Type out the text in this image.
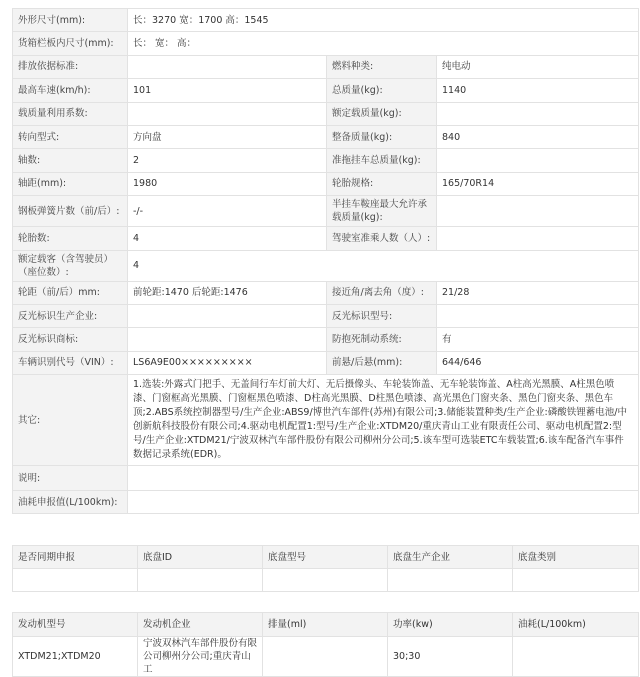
外形尺寸(mm):	长：3270 宽：1700 高：1545		
货箱栏板内尺寸(mm):	长： 宽： 高：		
排放依据标准:		燃料种类:	纯电动
最高车速(km/h):	101	总质量(kg):	1140
载质量利用系数:		额定载质量(kg):	
转向型式:	方向盘	整备质量(kg):	840
轴数:	2	准拖挂车总质量(kg):	
轴距(mm):	1980	轮胎规格:	165/70R14
钢板弹簧片数（前/后）:	-/-	半挂车鞍座最大允许承载质量(kg):	
轮胎数:	4	驾驶室准乘人数（人）:	
额定载客（含驾驶员）（座位数）:	4		
轮距（前/后）mm:	前轮距:1470 后轮距:1476	接近角/离去角（度）:	21/28
反光标识生产企业:		反光标识型号:	
反光标识商标:		防抱死制动系统:	有
车辆识别代号（VIN）:	LS6A9E00×××××××××	前悬/后悬(mm):	644/646
其它:	1.选装:外露式门把手、无盖间行车灯前大灯、无后摄像头、车轮装饰盖、无车轮装饰盖、A柱高光黑膜、A柱黑色喷漆、门窗框高光黑膜、门窗框黑色喷漆、D柱高光黑膜、D柱黑色喷漆、高光黑色门窗夹条、黑色门窗夹条、黑色车顶;2.ABS系统控制器型号/生产企业:ABS9/博世汽车部件(苏州)有限公司;3.储能装置种类/生产企业:磷酸铁锂蓄电池/中创新航科技股份有限公司;4.驱动电机配置1:型号/生产企业:XTDM20/重庆青山工业有限责任公司、驱动电机配置2:型号/生产企业:XTDM21/宁波双林汽车部件股份有限公司柳州分公司;5.该车型可选装ETC车载装置;6.该车配备汽车事件数据记录系统(EDR)。		
说明:			
油耗申报值(L/100km):			
是否同期申报	底盘ID	底盘型号	底盘生产企业	底盘类别

发动机型号	发动机企业	排量(ml)	功率(kw)	油耗(L/100km)
XTDM21;XTDM20	宁波双林汽车部件股份有限公司柳州分公司;重庆青山工		30;30	
